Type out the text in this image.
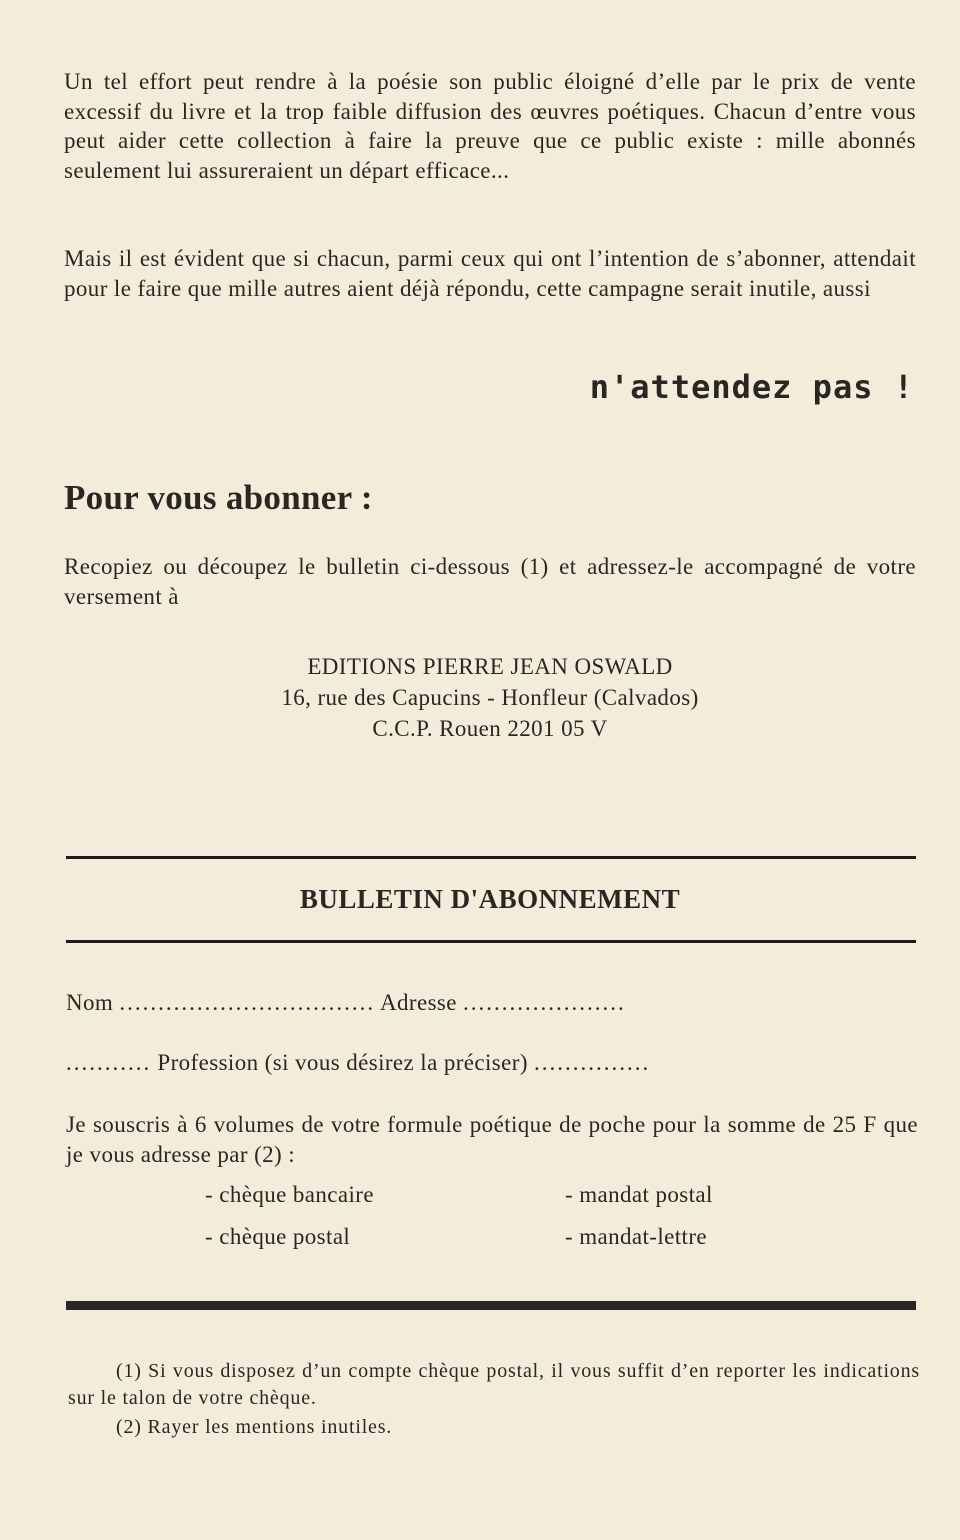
Un tel effort peut rendre à la poésie son public éloigné d’elle par le prix de vente excessif du livre et la trop faible diffusion des œuvres poétiques. Chacun d’entre vous peut aider cette collection à faire la preuve que ce public existe : mille abonnés seulement lui assureraient un départ efficace...

Mais il est évident que si chacun, parmi ceux qui ont l’intention de s’abonner, attendait pour le faire que mille autres aient déjà répondu, cette campagne serait inutile, aussi

n'attendez pas !

Pour vous abonner :

Recopiez ou découpez le bulletin ci-dessous (1) et adressez-le accompagné de votre versement à

EDITIONS PIERRE JEAN OSWALD
16, rue des Capucins - Honfleur (Calvados)
C.C.P. Rouen 2201 05 V
BULLETIN D'ABONNEMENT
Nom ................................. Adresse .....................
........... Profession (si vous désirez la préciser) ...............

Je souscris à 6 volumes de votre formule poétique de poche pour la somme de 25 F que je vous adresse par (2) :

- chèque bancaire	- mandat postal
- chèque postal	- mandat-lettre

(1) Si vous disposez d’un compte chèque postal, il vous suffit d’en reporter les indications sur le talon de votre chèque.

(2) Rayer les mentions inutiles.
